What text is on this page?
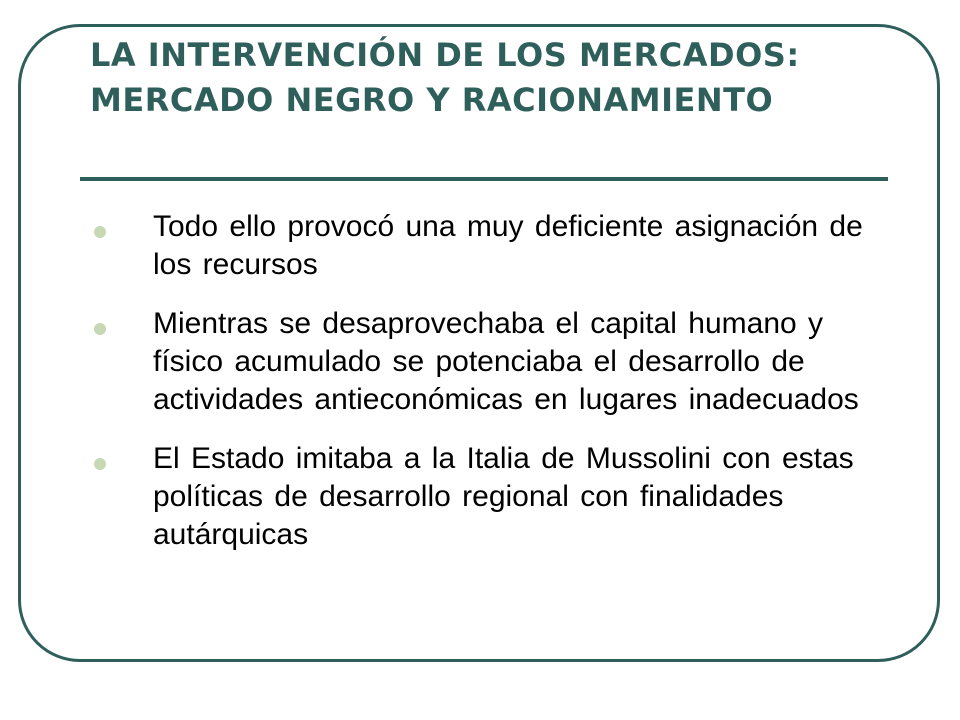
LA INTERVENCIÓN DE LOS MERCADOS: MERCADO NEGRO Y RACIONAMIENTO
Todo ello provocó una muy deficiente asignación de los recursos
Mientras se desaprovechaba el capital humano y físico acumulado se potenciaba el desarrollo de actividades antieconómicas en lugares inadecuados
El Estado imitaba a la Italia de Mussolini con estas políticas de desarrollo regional con finalidades autárquicas
